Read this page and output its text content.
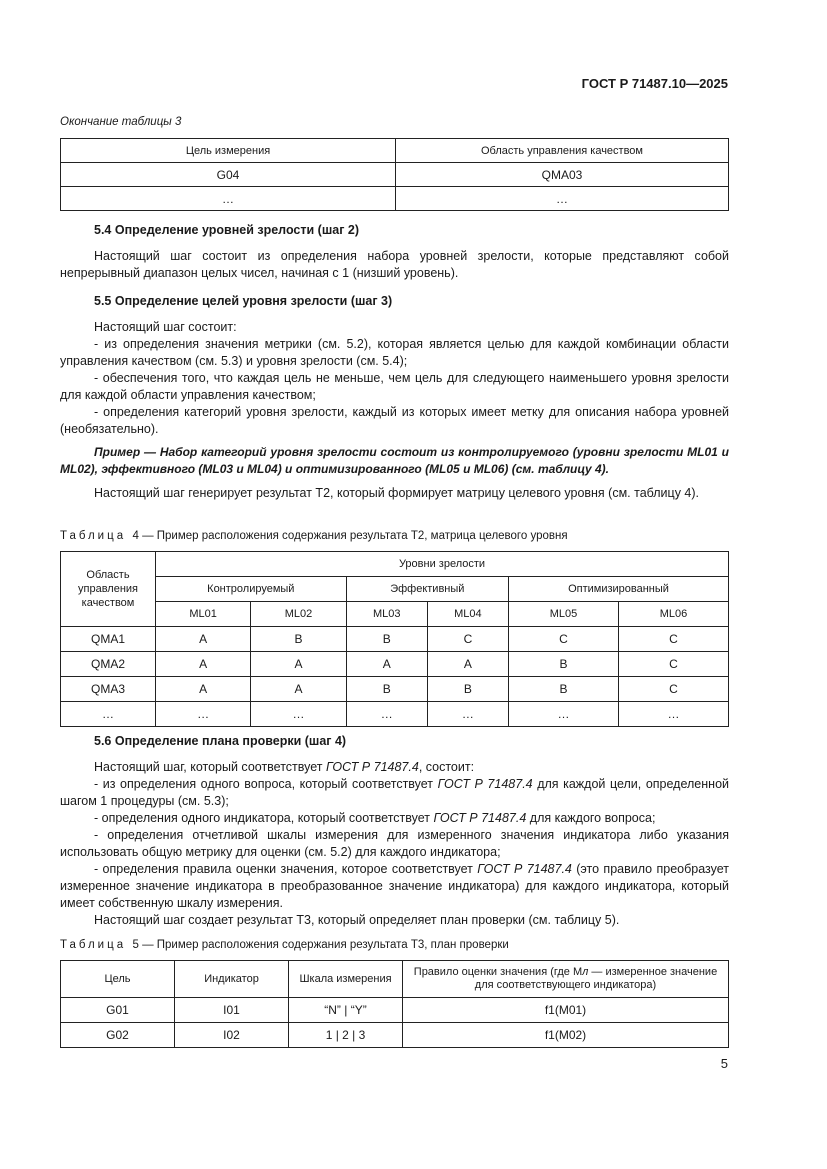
ГОСТ Р 71487.10—2025
Окончание таблицы 3
Цель измерения	Область управления качеством
G04	QMA03
…	…
5.4 Определение уровней зрелости (шаг 2)

Настоящий шаг состоит из определения набора уровней зрелости, которые представляют собой непрерывный диапазон целых чисел, начиная с 1 (низший уровень).

5.5 Определение целей уровня зрелости (шаг 3)

Настоящий шаг состоит:

- из определения значения метрики (см. 5.2), которая является целью для каждой комбинации области управления качеством (см. 5.3) и уровня зрелости (см. 5.4);

- обеспечения того, что каждая цель не меньше, чем цель для следующего наименьшего уровня зрелости для каждой области управления качеством;

- определения категорий уровня зрелости, каждый из которых имеет метку для описания набора уровней (необязательно).

Пример — Набор категорий уровня зрелости состоит из контролируемого (уровни зрелости ML01 и ML02), эффективного (ML03 и ML04) и оптимизированного (ML05 и ML06) (см. таблицу 4).

Настоящий шаг генерирует результат Т2, который формирует матрицу целевого уровня (см. таблицу 4).

Таблица 4 — Пример расположения содержания результата Т2, матрица целевого уровня
Область управления качеством	Уровни зрелости					
	Контролируемый		Эффективный		Оптимизированный	
	ML01	ML02	ML03	ML04	ML05	ML06
QMA1	A	B	B	C	C	C
QMA2	A	A	A	A	B	C
QMA3	A	A	B	B	B	C
…	…	…	…	…	…	…
5.6 Определение плана проверки (шаг 4)

Настоящий шаг, который соответствует ГОСТ Р 71487.4, состоит:

- из определения одного вопроса, который соответствует ГОСТ Р 71487.4 для каждой цели, определенной шагом 1 процедуры (см. 5.3);

- определения одного индикатора, который соответствует ГОСТ Р 71487.4 для каждого вопроса;

- определения отчетливой шкалы измерения для измеренного значения индикатора либо указания использовать общую метрику для оценки (см. 5.2) для каждого индикатора;

- определения правила оценки значения, которое соответствует ГОСТ Р 71487.4 (это правило преобразует измеренное значение индикатора в преобразованное значение индикатора) для каждого индикатора, который имеет собственную шкалу измерения.

Настоящий шаг создает результат Т3, который определяет план проверки (см. таблицу 5).

Таблица 5 — Пример расположения содержания результата Т3, план проверки
Цель	Индикатор	Шкала измерения	Правило оценки значения (где Мл — измеренное значение для соответствующего индикатора)
G01	I01	“N” | “Y”	f1(M01)
G02	I02	1 | 2 | 3	f1(M02)
5
